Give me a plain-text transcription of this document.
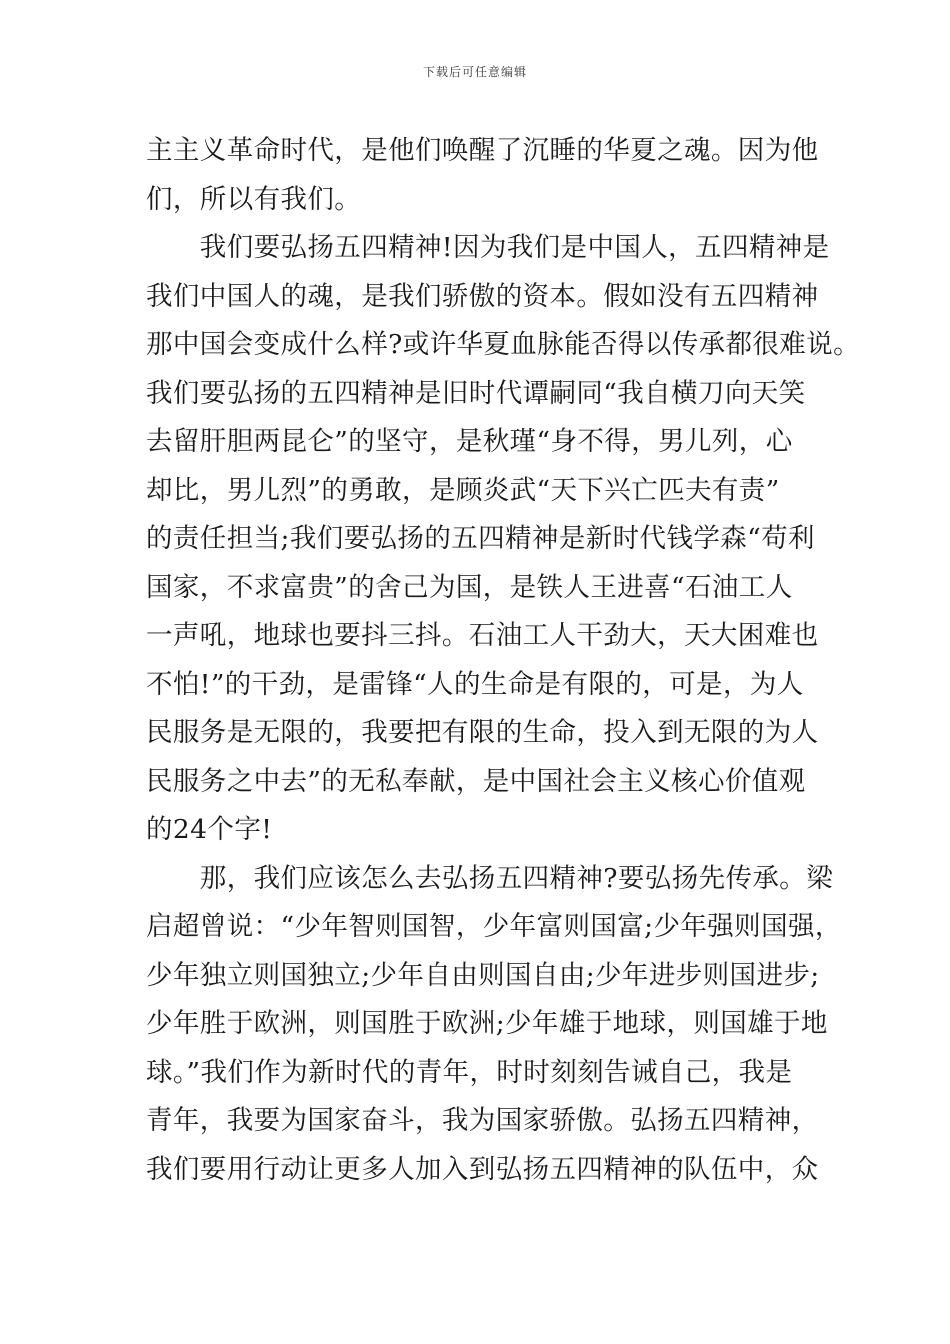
下载后可任意编辑
主主义革命时代，是他们唤醒了沉睡的华夏之魂。因为他
们，所以有我们。
　　我们要弘扬五四精神!因为我们是中国人，五四精神是
我们中国人的魂，是我们骄傲的资本。假如没有五四精神
那中国会变成什么样?或许华夏血脉能否得以传承都很难说。
我们要弘扬的五四精神是旧时代谭嗣同“我自横刀向天笑
去留肝胆两昆仑”的坚守，是秋瑾“身不得，男儿列，心
却比，男儿烈”的勇敢，是顾炎武“天下兴亡匹夫有责”
的责任担当;我们要弘扬的五四精神是新时代钱学森“苟利
国家，不求富贵”的舍己为国，是铁人王进喜“石油工人
一声吼，地球也要抖三抖。石油工人干劲大，天大困难也
不怕!”的干劲，是雷锋“人的生命是有限的，可是，为人
民服务是无限的，我要把有限的生命，投入到无限的为人
民服务之中去”的无私奉献，是中国社会主义核心价值观
的24个字!
　　那，我们应该怎么去弘扬五四精神?要弘扬先传承。梁
启超曾说：“少年智则国智，少年富则国富;少年强则国强，
少年独立则国独立;少年自由则国自由;少年进步则国进步;
少年胜于欧洲，则国胜于欧洲;少年雄于地球，则国雄于地
球。”我们作为新时代的青年，时时刻刻告诫自己，我是
青年，我要为国家奋斗，我为国家骄傲。弘扬五四精神，
我们要用行动让更多人加入到弘扬五四精神的队伍中，众
